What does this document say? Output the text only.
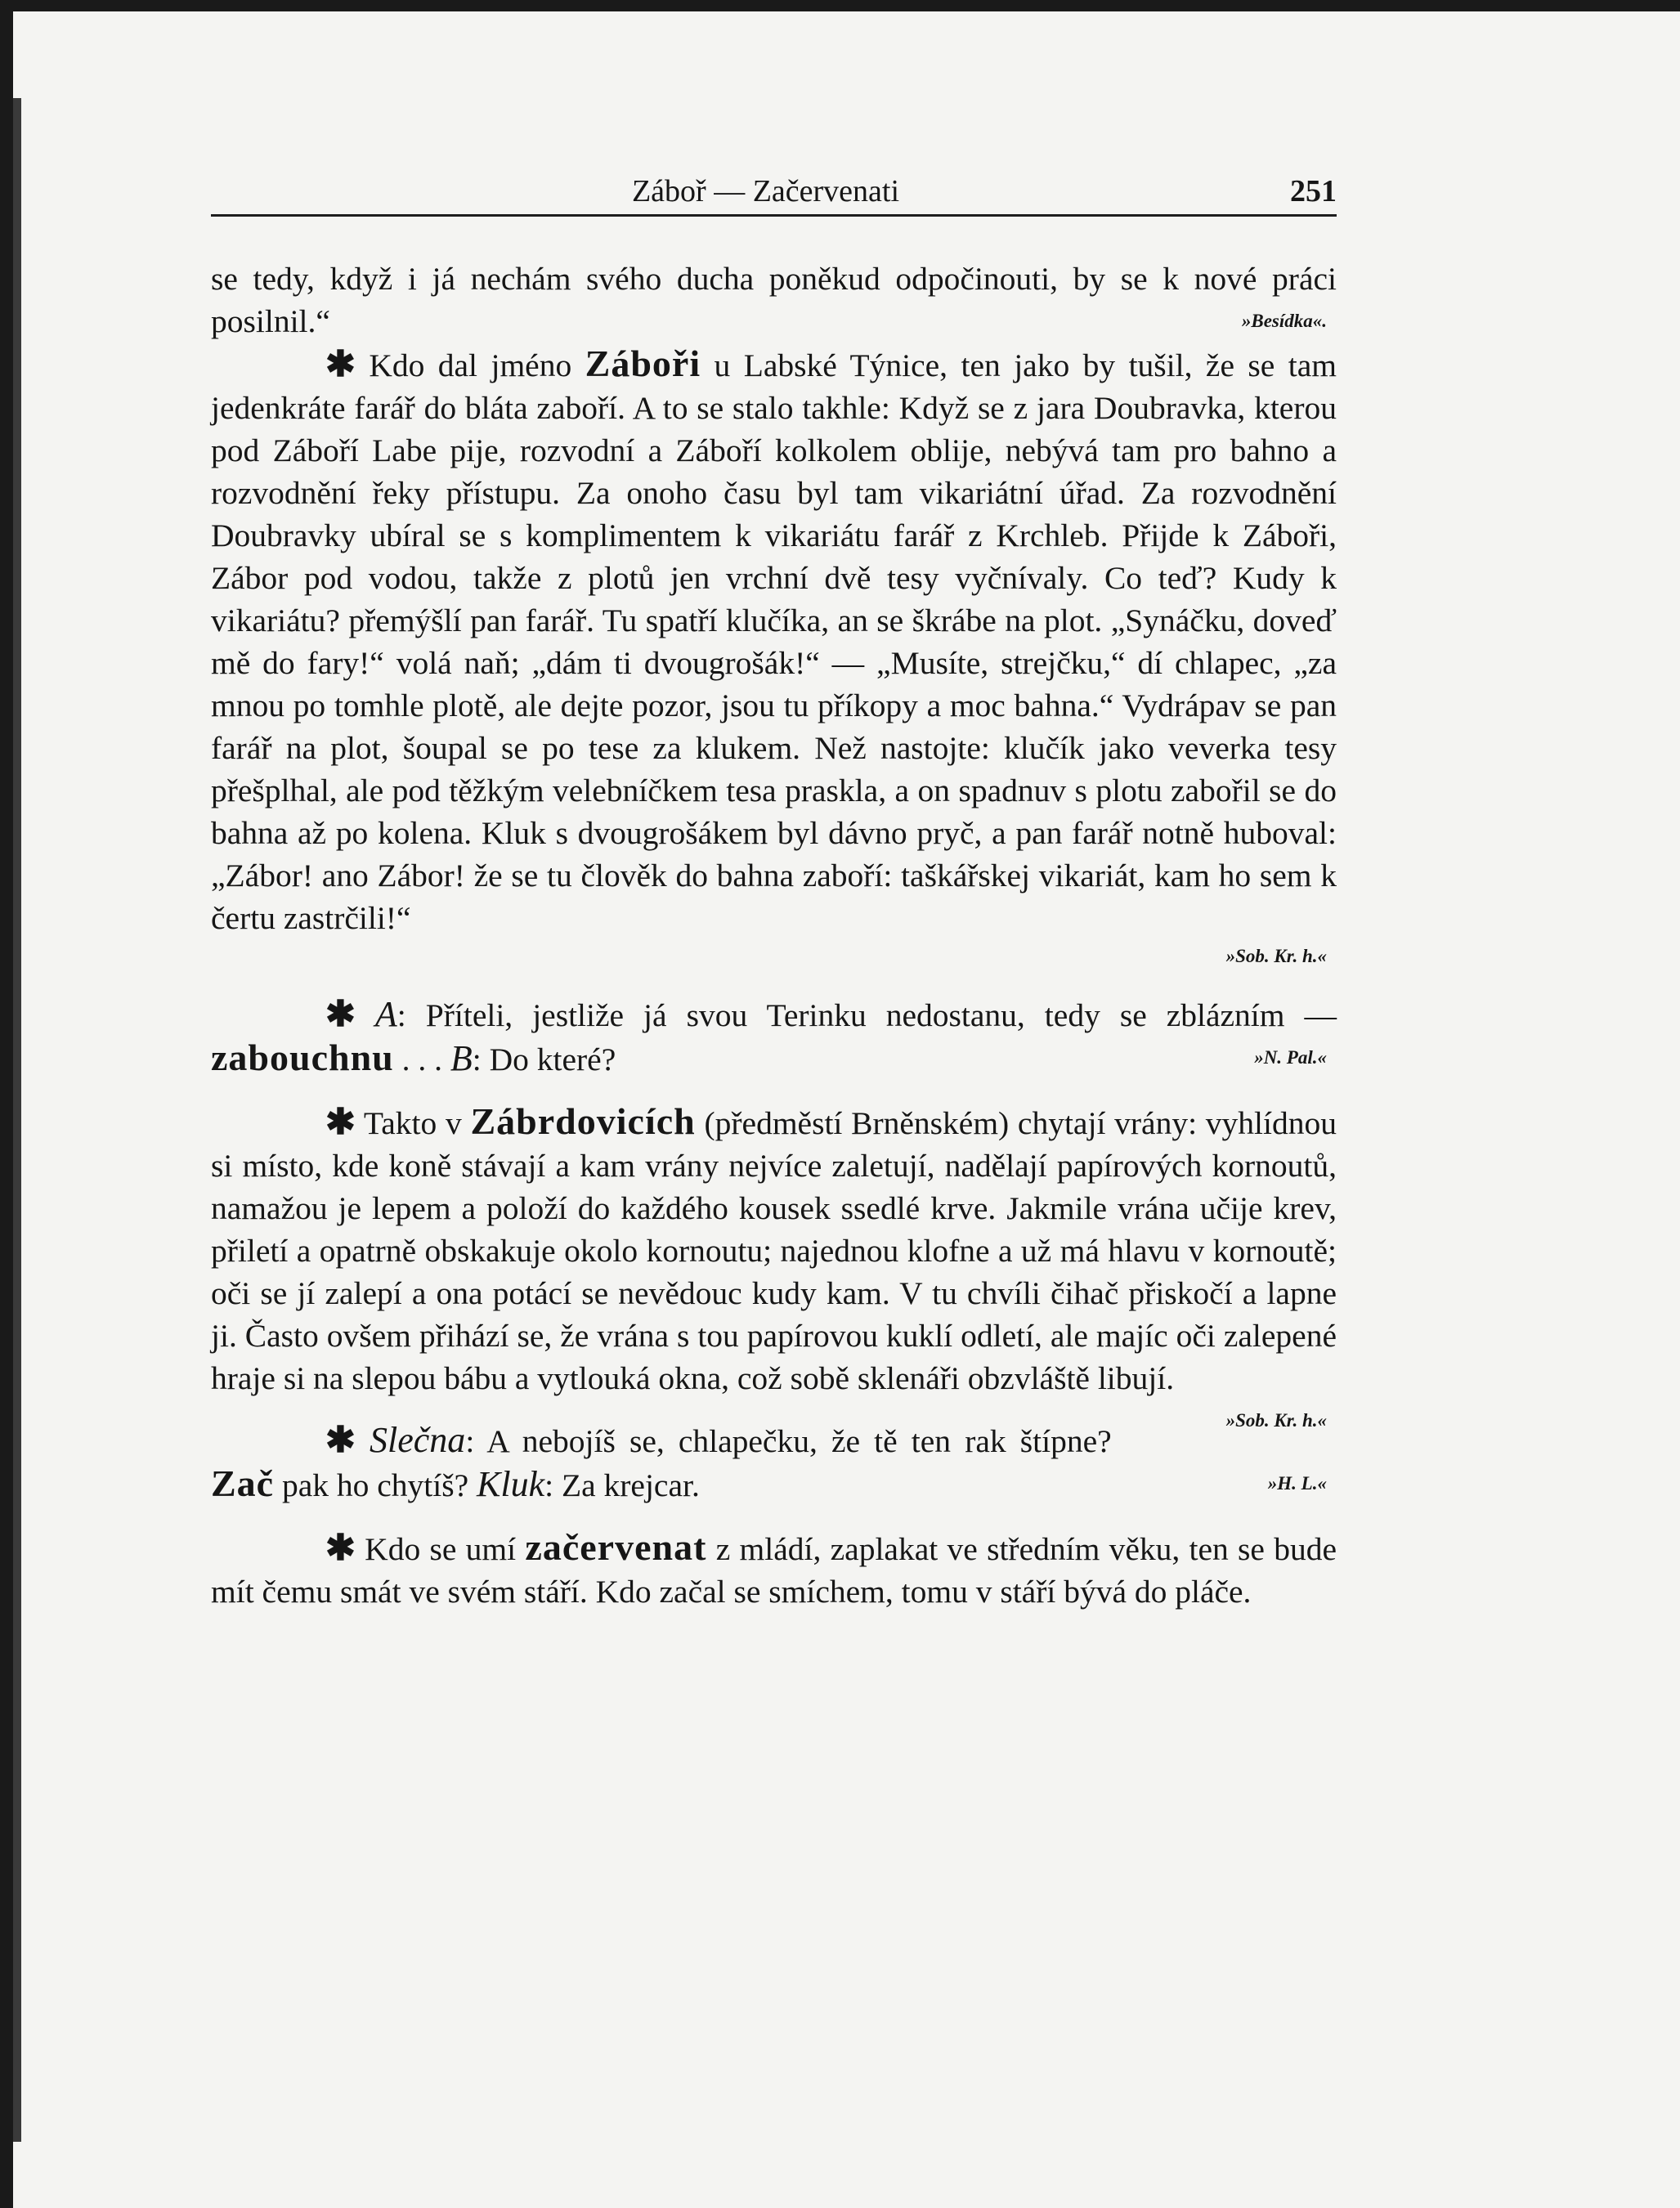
Záboř — Začervenati	251

se tedy, když i já nechám svého ducha poněkud odpočinouti, by se k nové práci posilnil.“	»Besídka«.

✱ Kdo dal jméno Záboři u Labské Týnice, ten jako by tušil, že se tam jedenkráte farář do bláta zaboří. A to se stalo takhle: Když se z jara Doubravka, kterou pod Záboří Labe pije, rozvodní a Záboří kolkolem oblije, nebývá tam pro bahno a rozvodnění řeky přístupu. Za onoho času byl tam vikariátní úřad. Za rozvodnění Doubravky ubíral se s komplimentem k vikariátu farář z Krchleb. Přijde k Záboři, Zábor pod vodou, takže z plotů jen vrchní dvě tesy vyčnívaly. Co teď? Kudy k vikariátu? přemýšlí pan farář. Tu spatří klučíka, an se škrábe na plot. „Synáčku, doveď mě do fary!“ volá naň; „dám ti dvougrošák!“ — „Musíte, strejčku,“ dí chlapec, „za mnou po tomhle plotě, ale dejte pozor, jsou tu příkopy a moc bahna.“ Vydrápav se pan farář na plot, šoupal se po tese za klukem. Než nastojte: klučík jako veverka tesy přešplhal, ale pod těžkým velebníčkem tesa praskla, a on spadnuv s plotu zabořil se do bahna až po kolena. Kluk s dvougrošákem byl dávno pryč, a pan farář notně huboval: „Zábor! ano Zábor! že se tu člověk do bahna zaboří: taškářskej vikariát, kam ho sem k čertu zastrčili!“

»Sob. Kr. h.«

✱ A: Příteli, jestliže já svou Terinku nedostanu, tedy se zblázním — zabouchnu . . . B: Do které?	»N. Pal.«

✱ Takto v Zábrdovicích (předměstí Brněnském) chytají vrány: vyhlídnou si místo, kde koně stávají a kam vrány nejvíce zaletují, nadělají papírových kornoutů, namažou je lepem a položí do každého kousek ssedlé krve. Jakmile vrána učije krev, přiletí a opatrně obskakuje okolo kornoutu; najednou klofne a už má hlavu v kornoutě; oči se jí zalepí a ona potácí se nevědouc kudy kam. V tu chvíli čihač přiskočí a lapne ji. Často ovšem přihází se, že vrána s tou papírovou kuklí odletí, ale majíc oči zalepené hraje si na slepou bábu a vytlouká okna, což sobě sklenáři obzvláště libují.
»Sob. Kr. h.«

✱ Slečna: A nebojíš se, chlapečku, že tě ten rak štípne? Zač pak ho chytíš? Kluk: Za krejcar.	»H. L.«

✱ Kdo se umí začervenat z mládí, zaplakat ve středním věku, ten se bude mít čemu smát ve svém stáří. Kdo začal se smíchem, tomu v stáří bývá do pláče.
